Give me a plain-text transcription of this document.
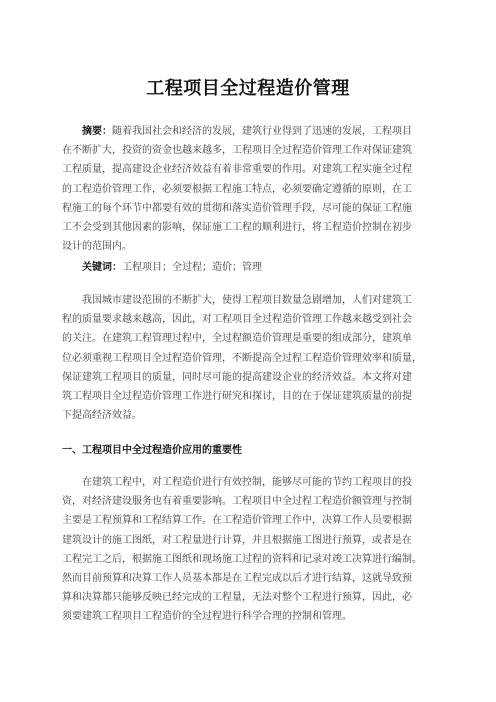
工程项目全过程造价管理
摘要：随着我国社会和经济的发展，建筑行业得到了迅速的发展，工程项目
在不断扩大，投资的资金也越来越多，工程项目全过程造价管理工作对保证建筑
工程质量，提高建设企业经济效益有着非常重要的作用。对建筑工程实施全过程
的工程造价管理工作，必须要根据工程施工特点，必须要确定遵循的原则，在工
程施工的每个环节中都要有效的贯彻和落实造价管理手段，尽可能的保证工程施
工不会受到其他因素的影响，保证施工工程的顺利进行，将工程造价控制在初步
设计的范围内。
关键词：工程项目；全过程；造价；管理
我国城市建设范围的不断扩大，使得工程项目数量急剧增加，人们对建筑工
程的质量要求越来越高，因此，对工程项目全过程造价管理工作越来越受到社会
的关注。在建筑工程管理过程中，全过程额造价管理是重要的组成部分，建筑单
位必须重视工程项目全过程造价管理，不断提高全过程工程造价管理效率和质量，
保证建筑工程项目的质量，同时尽可能的提高建设企业的经济效益。本文将对建
筑工程项目全过程造价管理工作进行研究和探讨，目的在于保证建筑质量的前提
下提高经济效益。
一、工程项目中全过程造价应用的重要性
在建筑工程中，对工程造价进行有效控制，能够尽可能的节约工程项目的投
资，对经济建设服务也有着重要影响。工程项目中全过程工程造价额管理与控制
主要是工程预算和工程结算工作。在工程造价管理工作中，决算工作人员要根据
建筑设计的施工图纸，对工程量进行计算，并且根据施工图进行预算，或者是在
工程完工之后，根据施工图纸和现场施工过程的资料和记录对竣工决算进行编制。
然而目前预算和决算工作人员基本都是在工程完成以后才进行结算，这就导致预
算和决算都只能够反映已经完成的工程量，无法对整个工程进行预算，因此，必
须要建筑工程项目工程造价的全过程进行科学合理的控制和管理。
